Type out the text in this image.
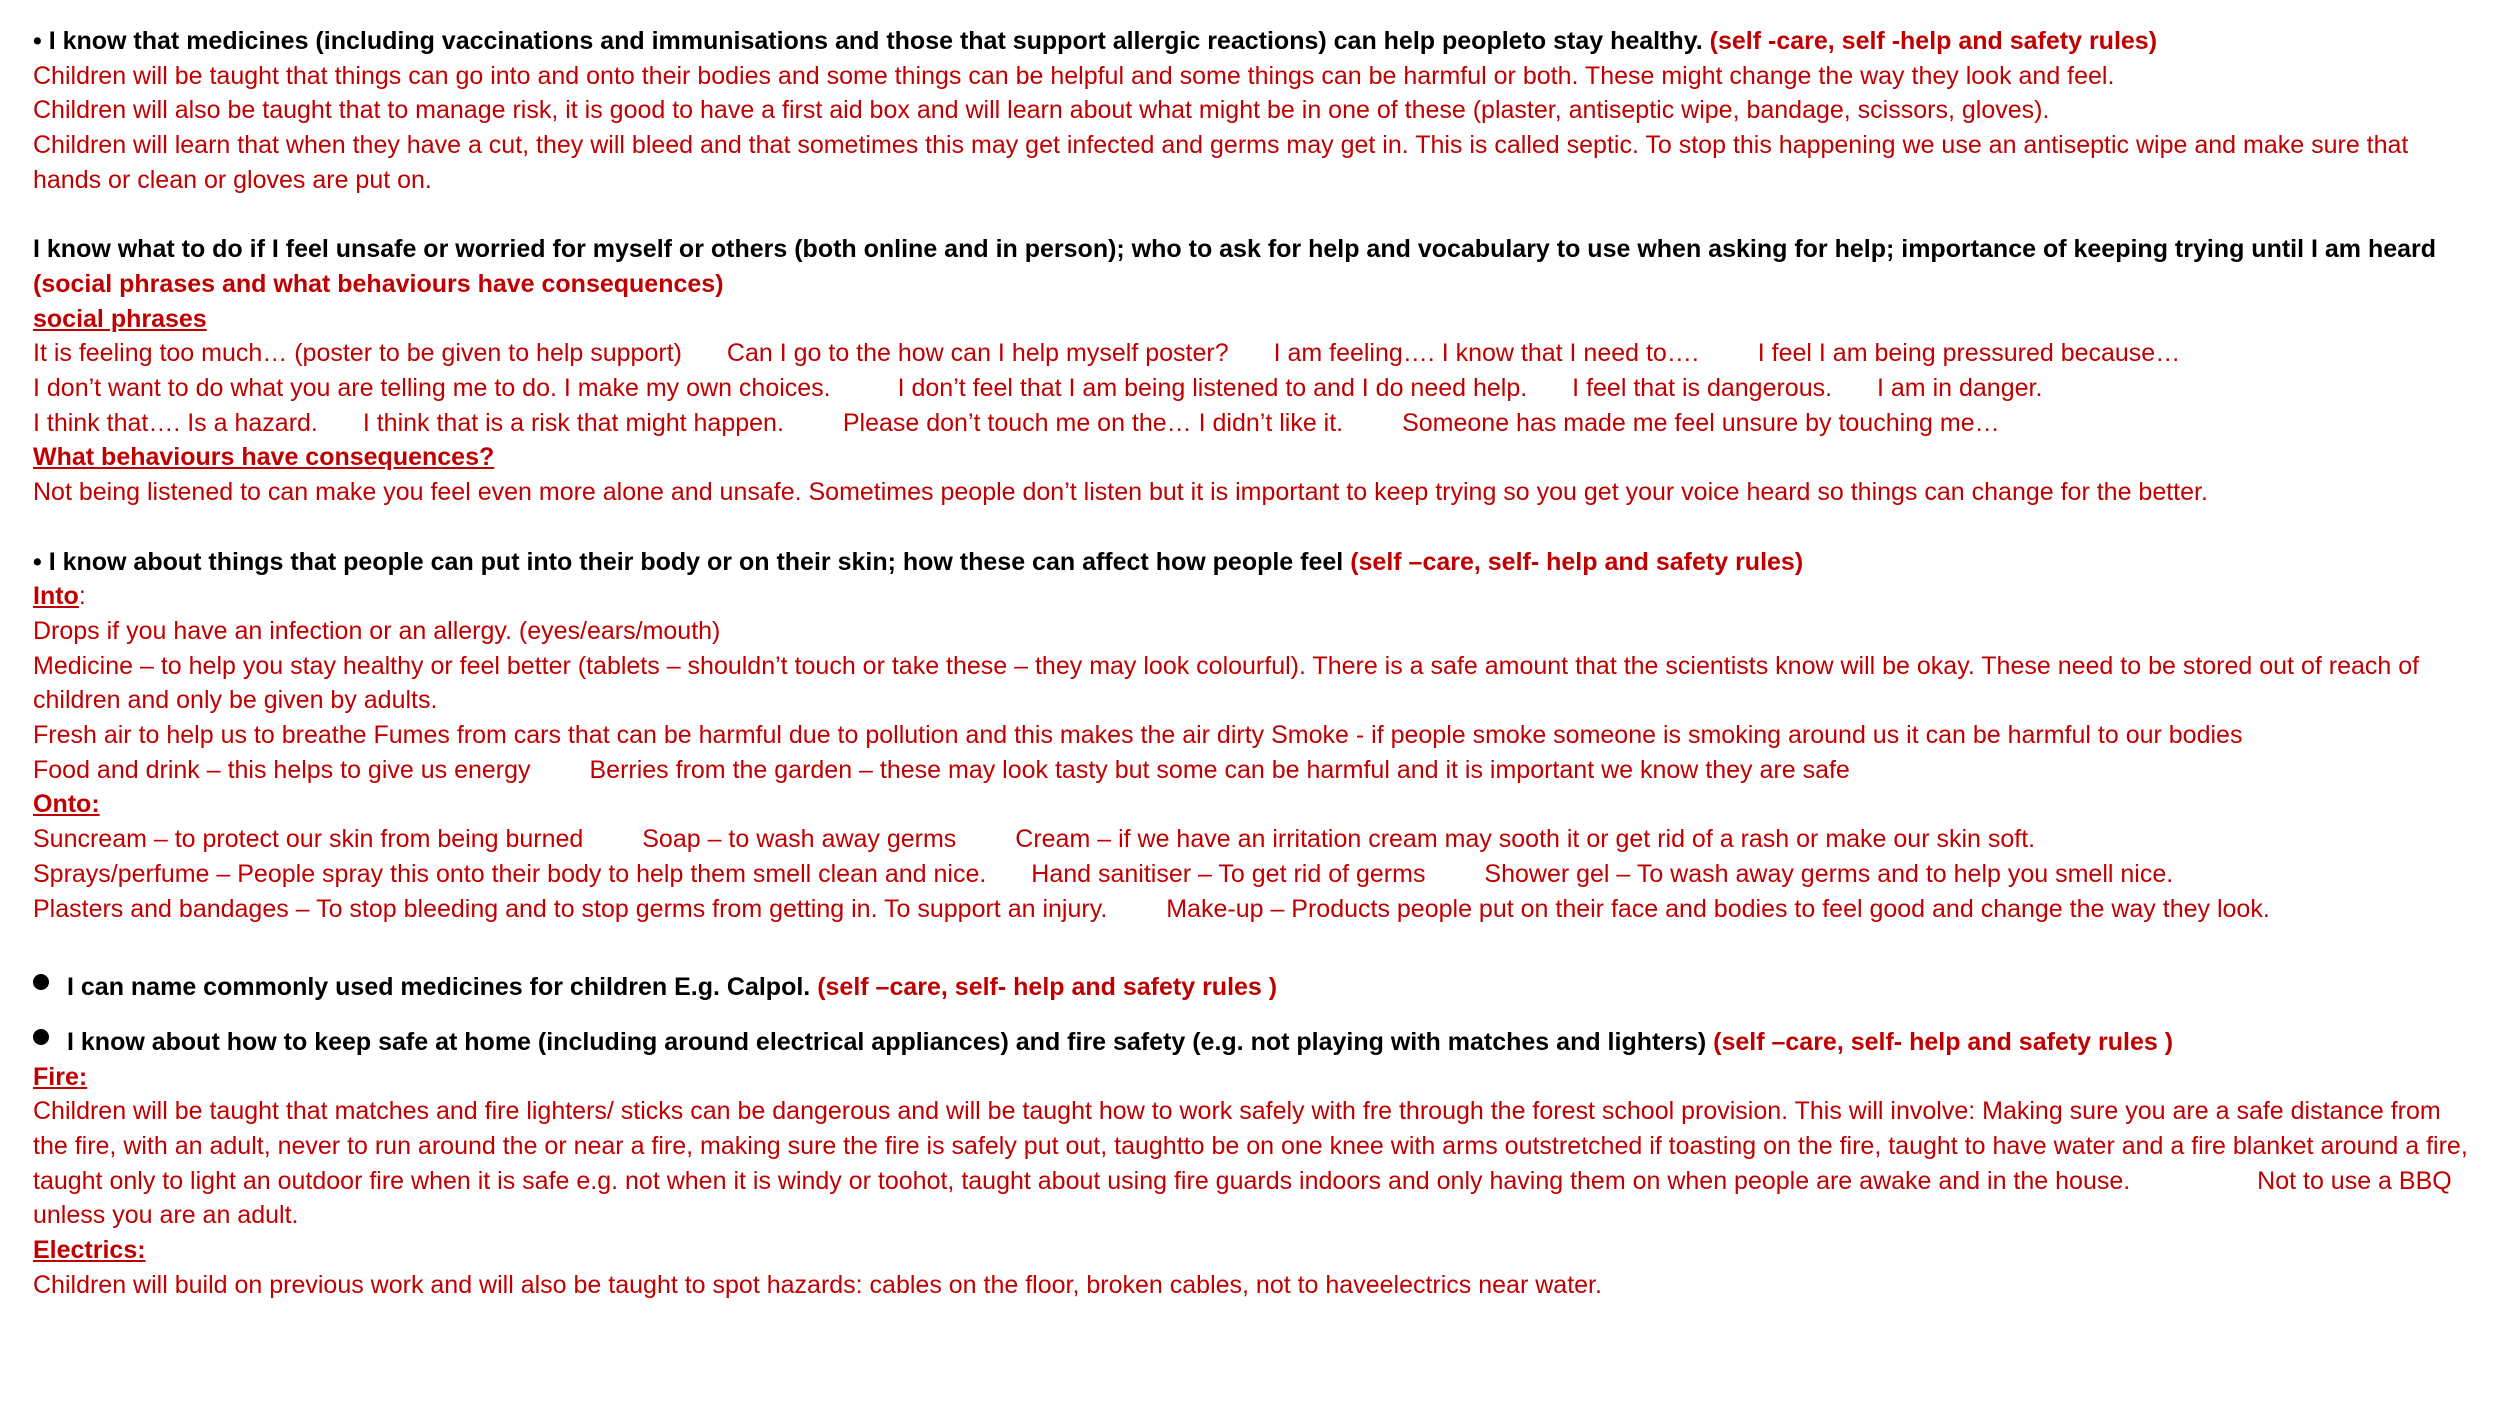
• I know that medicines (including vaccinations and immunisations and those that support allergic reactions) can help peopleto stay healthy. (self -care, self -help and safety rules)
Children will be taught that things can go into and onto their bodies and some things can be helpful and some things can be harmful or both. These might change the way they look and feel.
Children will also be taught that to manage risk, it is good to have a first aid box and will learn about what might be in one of these (plaster, antiseptic wipe, bandage, scissors, gloves).
Children will learn that when they have a cut, they will bleed and that sometimes this may get infected and germs may get in. This is called septic. To stop this happening we use an antiseptic wipe and make sure that hands or clean or gloves are put on.
I know what to do if I feel unsafe or worried for myself or others (both online and in person); who to ask for help and vocabulary to use when asking for help; importance of keeping trying until I am heard (social phrases and what behaviours have consequences)
social phrases
It is feeling too much… (poster to be given to help support) Can I go to the how can I help myself poster? I am feeling…. I know that I need to…. I feel I am being pressured because…
I don’t want to do what you are telling me to do. I make my own choices.	I don’t feel that I am being listened to and I do need help. I feel that is dangerous. I am in danger.
I think that…. Is a hazard. I think that is a risk that might happen. Please don’t touch me on the… I didn’t like it. Someone has made me feel unsure by touching me…
What behaviours have consequences?
Not being listened to can make you feel even more alone and unsafe. Sometimes people don’t listen but it is important to keep trying so you get your voice heard so things can change for the better.
• I know about things that people can put into their body or on their skin; how these can affect how people feel (self –care, self- help and safety rules)
Into:
Drops if you have an infection or an allergy. (eyes/ears/mouth)
Medicine – to help you stay healthy or feel better (tablets – shouldn’t touch or take these – they may look colourful). There is a safe amount that the scientists know will be okay. These need to be stored out of reach of children and only be given by adults.
Fresh air to help us to breathe Fumes from cars that can be harmful due to pollution and this makes the air dirty Smoke - if people smoke someone is smoking around us it can be harmful to our bodies
Food and drink – this helps to give us energy Berries from the garden – these may look tasty but some can be harmful and it is important we know they are safe
Onto:
Suncream – to protect our skin from being burned Soap – to wash away germs Cream – if we have an irritation cream may sooth it or get rid of a rash or make our skin soft.
Sprays/perfume – People spray this onto their body to help them smell clean and nice. Hand sanitiser – To get rid of germs Shower gel – To wash away germs and to help you smell nice.
Plasters and bandages – To stop bleeding and to stop germs from getting in. To support an injury. Make-up – Products people put on their face and bodies to feel good and change the way they look.
I can name commonly used medicines for children E.g. Calpol. (self –care, self- help and safety rules )
I know about how to keep safe at home (including around electrical appliances) and fire safety (e.g. not playing with matches and lighters) (self –care, self- help and safety rules )
Fire:
Children will be taught that matches and fire lighters/ sticks can be dangerous and will be taught how to work safely with fre through the forest school provision. This will involve: Making sure you are a safe distance from the fire, with an adult, never to run around the or near a fire, making sure the fire is safely put out, taughtto be on one knee with arms outstretched if toasting on the fire, taught to have water and a fire blanket around a fire, taught only to light an outdoor fire when it is safe e.g. not when it is windy or toohot, taught about using fire guards indoors and only having them on when people are awake and in the house.	Not to use a BBQ unless you are an adult.
Electrics:
Children will build on previous work and will also be taught to spot hazards: cables on the floor, broken cables, not to haveelectrics near water.
